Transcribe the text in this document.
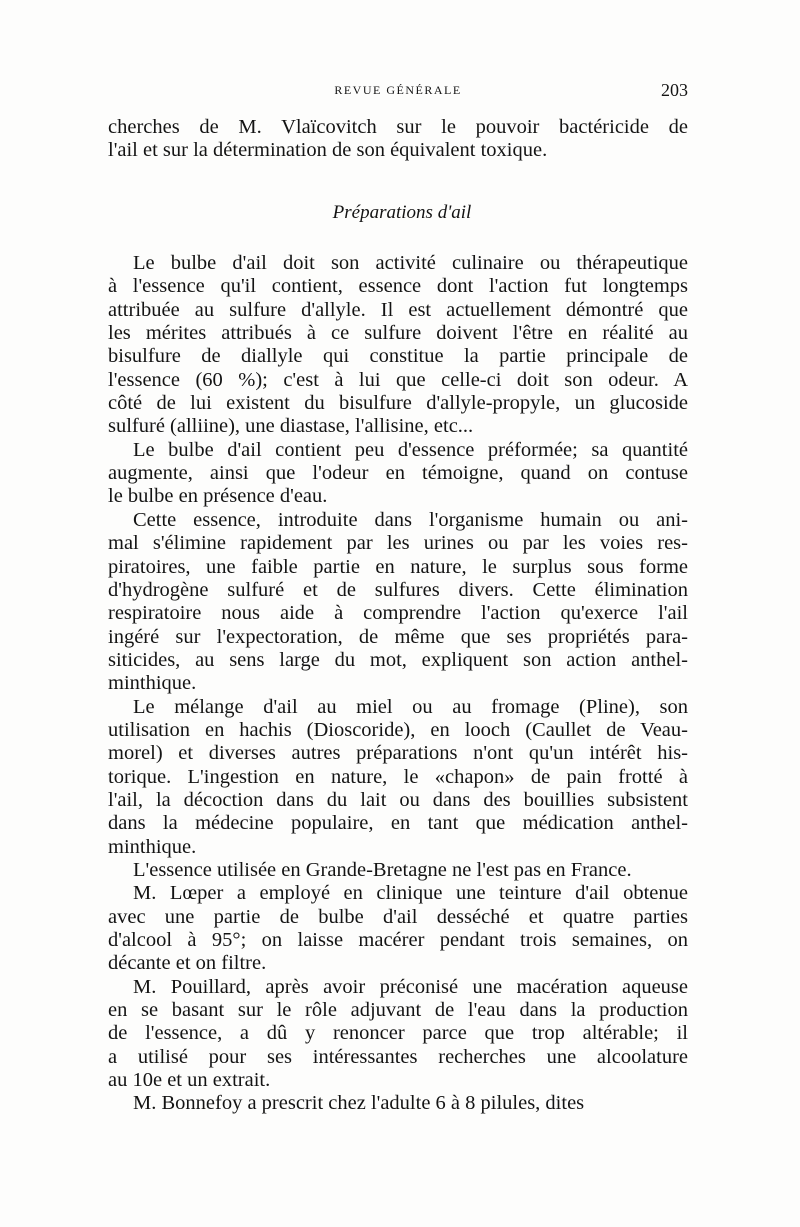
REVUE GÉNÉRALE	203
cherches de M. Vlaïcovitch sur le pouvoir bactéricide de
l'ail et sur la détermination de son équivalent toxique.
Préparations d'ail
Le bulbe d'ail doit son activité culinaire ou thérapeutique
à l'essence qu'il contient, essence dont l'action fut longtemps
attribuée au sulfure d'allyle. Il est actuellement démontré que
les mérites attribués à ce sulfure doivent l'être en réalité au
bisulfure de diallyle qui constitue la partie principale de
l'essence (60 %); c'est à lui que celle-ci doit son odeur. A
côté de lui existent du bisulfure d'allyle-propyle, un glucoside
sulfuré (alliine), une diastase, l'allisine, etc...
Le bulbe d'ail contient peu d'essence préformée; sa quantité
augmente, ainsi que l'odeur en témoigne, quand on contuse
le bulbe en présence d'eau.
Cette essence, introduite dans l'organisme humain ou ani-
mal s'élimine rapidement par les urines ou par les voies res-
piratoires, une faible partie en nature, le surplus sous forme
d'hydrogène sulfuré et de sulfures divers. Cette élimination
respiratoire nous aide à comprendre l'action qu'exerce l'ail
ingéré sur l'expectoration, de même que ses propriétés para-
siticides, au sens large du mot, expliquent son action anthel-
minthique.
Le mélange d'ail au miel ou au fromage (Pline), son
utilisation en hachis (Dioscoride), en looch (Caullet de Veau-
morel) et diverses autres préparations n'ont qu'un intérêt his-
torique. L'ingestion en nature, le «chapon» de pain frotté à
l'ail, la décoction dans du lait ou dans des bouillies subsistent
dans la médecine populaire, en tant que médication anthel-
minthique.
L'essence utilisée en Grande-Bretagne ne l'est pas en France.
M. Lœper a employé en clinique une teinture d'ail obtenue
avec une partie de bulbe d'ail desséché et quatre parties
d'alcool à 95°; on laisse macérer pendant trois semaines, on
décante et on filtre.
M. Pouillard, après avoir préconisé une macération aqueuse
en se basant sur le rôle adjuvant de l'eau dans la production
de l'essence, a dû y renoncer parce que trop altérable; il
a utilisé pour ses intéressantes recherches une alcoolature
au 10e et un extrait.
M. Bonnefoy a prescrit chez l'adulte 6 à 8 pilules, dites
